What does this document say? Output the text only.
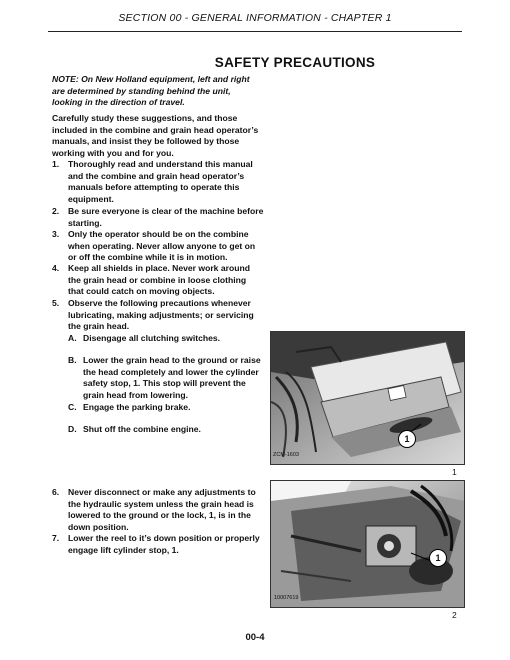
SECTION 00 - GENERAL INFORMATION - CHAPTER 1
SAFETY PRECAUTIONS
NOTE: On New Holland equipment, left and right are determined by standing behind the unit, looking in the direction of travel.
Carefully study these suggestions, and those included in the combine and grain head operator’s manuals, and insist they be followed by those working with you and for you.
1. Thoroughly read and understand this manual and the combine and grain head operator’s manuals before attempting to operate this equipment.
2. Be sure everyone is clear of the machine before starting.
3. Only the operator should be on the combine when operating. Never allow anyone to get on or off the combine while it is in motion.
4. Keep all shields in place. Never work around the grain head or combine in loose clothing that could catch on moving objects.
5. Observe the following precautions whenever lubricating, making adjustments; or servicing the grain head.
A. Disengage all clutching switches.
B. Lower the grain head to the ground or raise the head completely and lower the cylinder safety stop, 1. This stop will prevent the grain head from lowering.
C. Engage the parking brake.
D. Shut off the combine engine.
6. Never disconnect or make any adjustments to the hydraulic system unless the grain head is lowered to the ground or the lock, 1, is in the down position.
7. Lower the reel to it’s down position or properly engage lift cylinder stop, 1.
ZCM-1603
1
1
10007619
1
2
00-4
